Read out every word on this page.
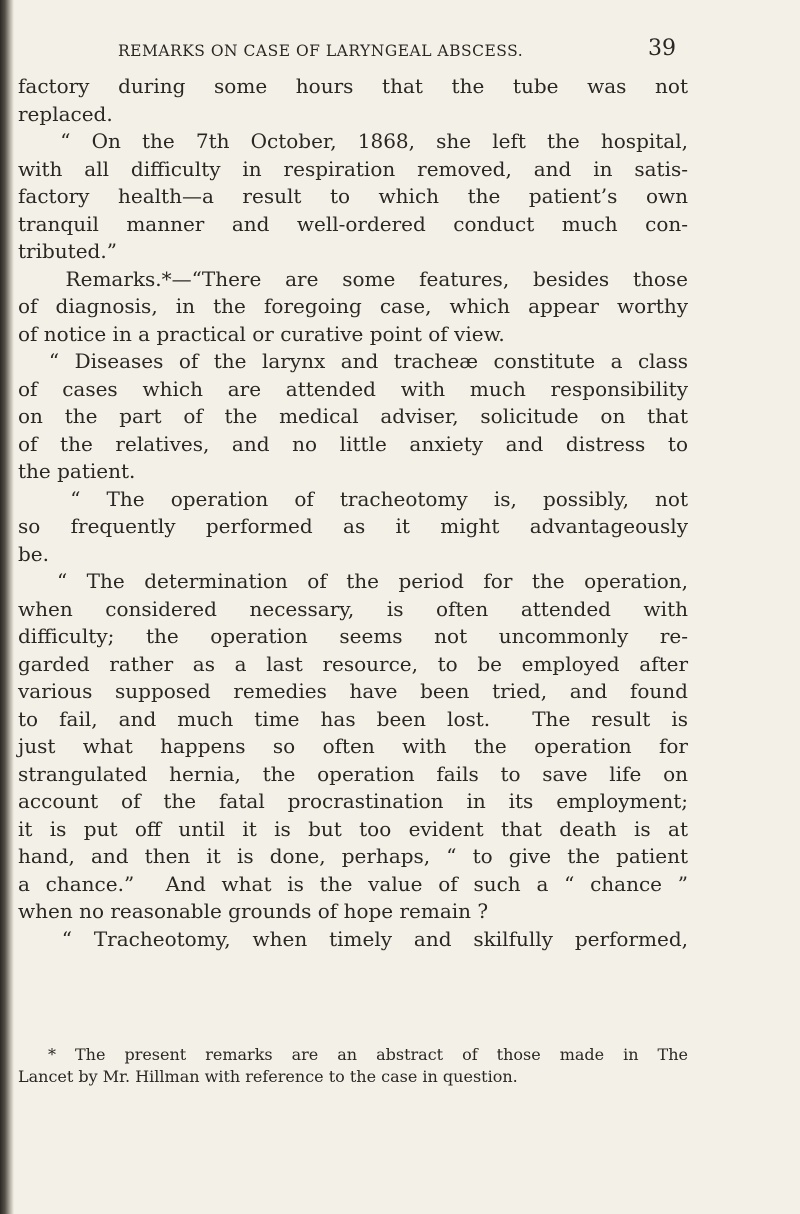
REMARKS ON CASE OF LARYNGEAL ABSCESS.	39
factory during some hours that the tube was not
replaced.
“ On the 7th October, 1868, she left the hospital,
with all difficulty in respiration removed, and in satis-
factory health—a result to which the patient’s own
tranquil manner and well-ordered conduct much con-
tributed.”
Remarks.*—“There are some features, besides those
of diagnosis, in the foregoing case, which appear worthy
of notice in a practical or curative point of view.
“ Diseases of the larynx and tracheæ constitute a class
of cases which are attended with much responsibility
on the part of the medical adviser, solicitude on that
of the relatives, and no little anxiety and distress to
the patient.
“ The operation of tracheotomy is, possibly, not
so frequently performed as it might advantageously
be.
“ The determination of the period for the operation,
when considered necessary, is often attended with
difficulty; the operation seems not uncommonly re-
garded rather as a last resource, to be employed after
various supposed remedies have been tried, and found
to fail, and much time has been lost.  The result is
just what happens so often with the operation for
strangulated hernia, the operation fails to save life on
account of the fatal procrastination in its employment;
it is put off until it is but too evident that death is at
hand, and then it is done, perhaps, “ to give the patient
a chance.”  And what is the value of such a “ chance ”
when no reasonable grounds of hope remain ?
“ Tracheotomy, when timely and skilfully performed,
* The present remarks are an abstract of those made in The
Lancet by Mr. Hillman with reference to the case in question.
